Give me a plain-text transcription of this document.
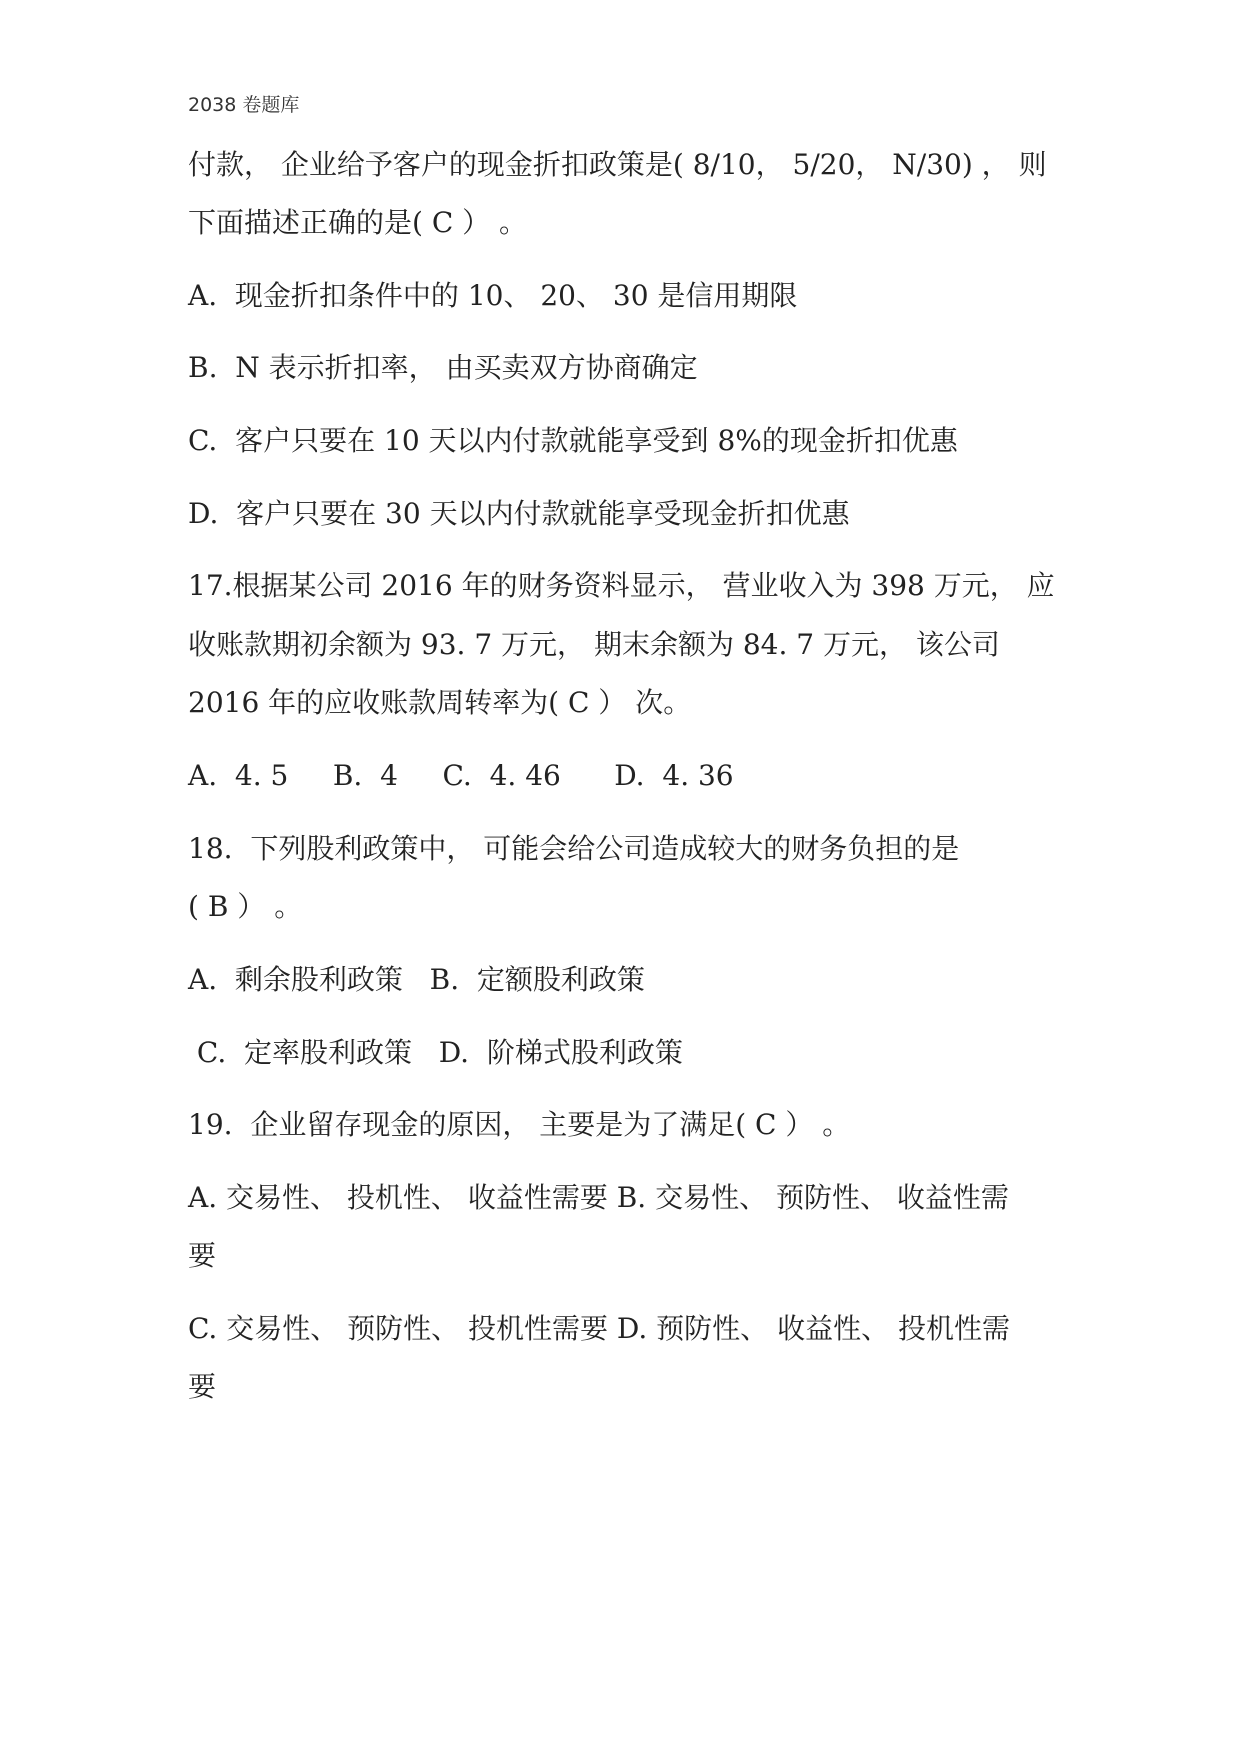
2038 卷题库
付款， 企业给予客户的现金折扣政策是( 8/10， 5/20， N/30) ， 则
下面描述正确的是( C ） 。
A.  现金折扣条件中的 10、 20、 30 是信用期限
B.  N 表示折扣率， 由买卖双方协商确定
C.  客户只要在 10 天以内付款就能享受到 8%的现金折扣优惠
D.  客户只要在 30 天以内付款就能享受现金折扣优惠
17.根据某公司 2016 年的财务资料显示， 营业收入为 398 万元， 应
收账款期初余额为 93. 7 万元， 期末余额为 84. 7 万元， 该公司
2016 年的应收账款周转率为( C ） 次。
A.  4. 5     B.  4     C.  4. 46      D.  4. 36
18.  下列股利政策中， 可能会给公司造成较大的财务负担的是
( B ） 。
A.  剩余股利政策   B.  定额股利政策
C.  定率股利政策   D.  阶梯式股利政策
19.  企业留存现金的原因， 主要是为了满足( C ） 。
A. 交易性、 投机性、 收益性需要 B. 交易性、 预防性、 收益性需
要
C. 交易性、 预防性、 投机性需要 D. 预防性、 收益性、 投机性需
要
